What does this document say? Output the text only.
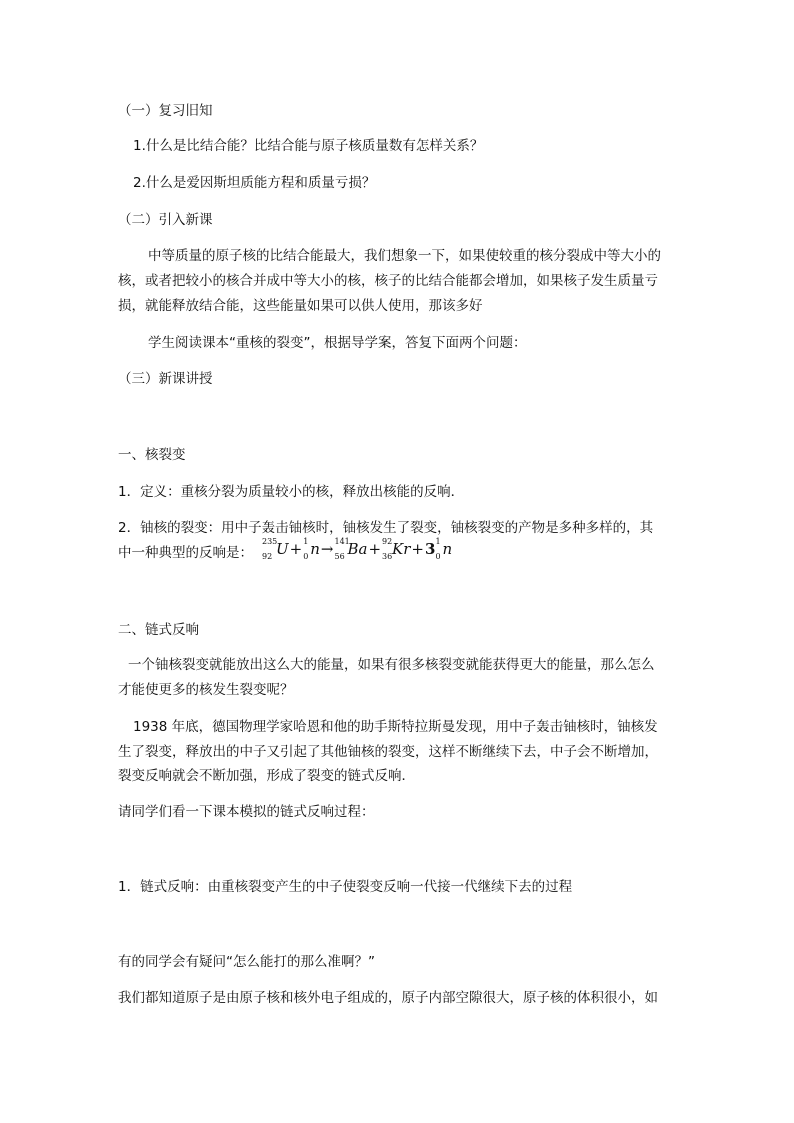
（一）复习旧知
1.什么是比结合能？比结合能与原子核质量数有怎样关系？
2.什么是爱因斯坦质能方程和质量亏损？
（二）引入新课
中等质量的原子核的比结合能最大，我们想象一下，如果使较重的核分裂成中等大小的
核，或者把较小的核合并成中等大小的核，核子的比结合能都会增加，如果核子发生质量亏
损，就能释放结合能，这些能量如果可以供人使用，那该多好
学生阅读课本“重核的裂变”，根据导学案，答复下面两个问题：
（三）新课讲授
一、核裂变
1．定义：重核分裂为质量较小的核，释放出核能的反响．
2．铀核的裂变：用中子轰击铀核时，铀核发生了裂变，铀核裂变的产物是多种多样的，其
中一种典型的反响是：
235
92 U+ 1
0 n→ 141
56 Ba+ 92
36 Kr+3 1
0 n
二、链式反响
一个铀核裂变就能放出这么大的能量，如果有很多核裂变就能获得更大的能量，那么怎么
才能使更多的核发生裂变呢？
1938 年底，德国物理学家哈恩和他的助手斯特拉斯曼发现，用中子轰击铀核时，铀核发
生了裂变，释放出的中子又引起了其他铀核的裂变，这样不断继续下去，中子会不断增加，
裂变反响就会不断加强，形成了裂变的链式反响．
请同学们看一下课本模拟的链式反响过程：
1．链式反响：由重核裂变产生的中子使裂变反响一代接一代继续下去的过程
有的同学会有疑问“怎么能打的那么准啊？”
我们都知道原子是由原子核和核外电子组成的，原子内部空隙很大，原子核的体积很小，如
